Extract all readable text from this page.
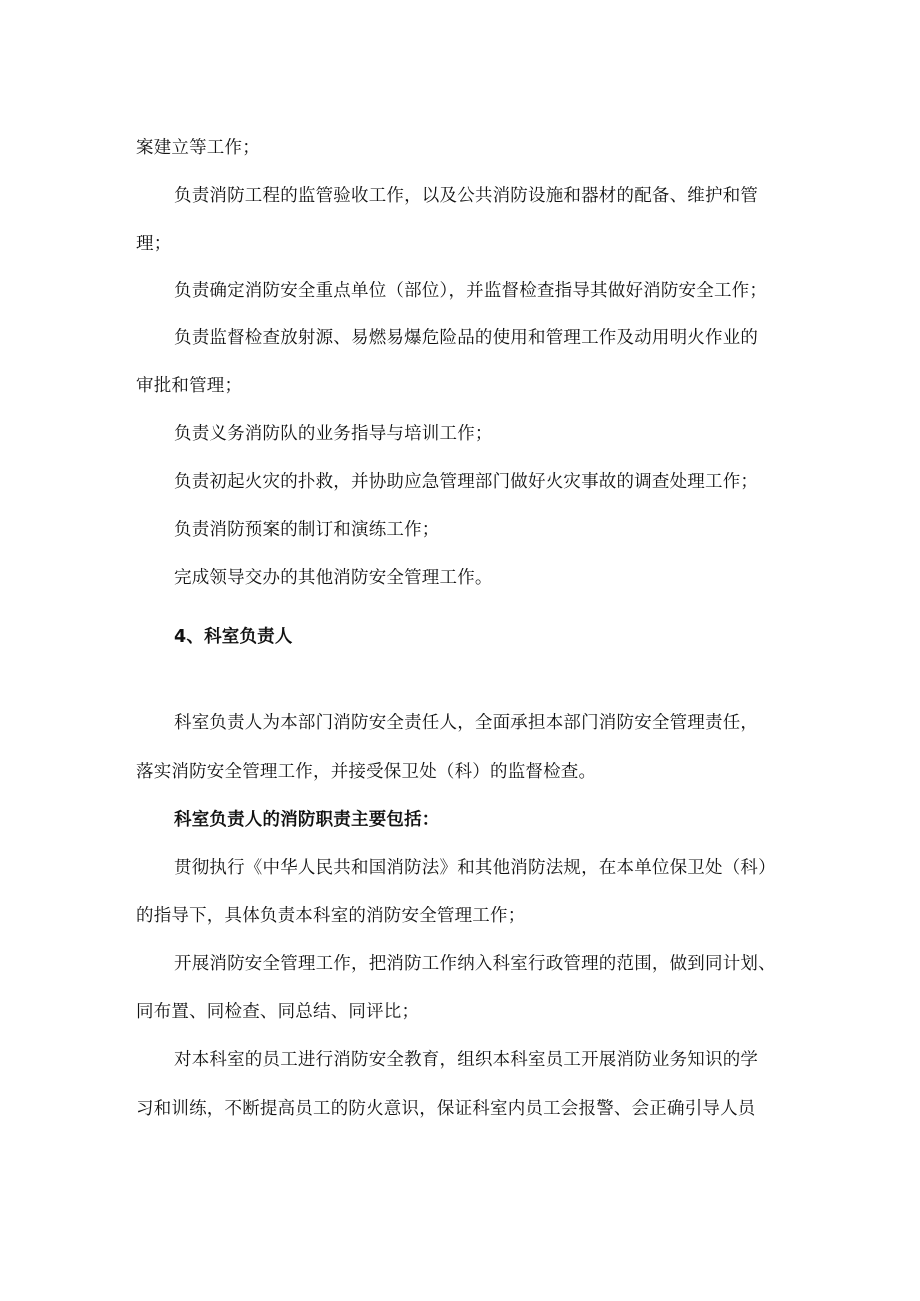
案建立等工作；
负责消防工程的监管验收工作，以及公共消防设施和器材的配备、维护和管
理；
负责确定消防安全重点单位（部位），并监督检查指导其做好消防安全工作；
负责监督检查放射源、易燃易爆危险品的使用和管理工作及动用明火作业的
审批和管理；
负责义务消防队的业务指导与培训工作；
负责初起火灾的扑救，并协助应急管理部门做好火灾事故的调查处理工作；
负责消防预案的制订和演练工作；
完成领导交办的其他消防安全管理工作。
4、科室负责人
科室负责人为本部门消防安全责任人，全面承担本部门消防安全管理责任，
落实消防安全管理工作，并接受保卫处（科）的监督检查。
科室负责人的消防职责主要包括：
贯彻执行《中华人民共和国消防法》和其他消防法规，在本单位保卫处（科）
的指导下，具体负责本科室的消防安全管理工作；
开展消防安全管理工作，把消防工作纳入科室行政管理的范围，做到同计划、
同布置、同检查、同总结、同评比；
对本科室的员工进行消防安全教育，组织本科室员工开展消防业务知识的学
习和训练，不断提高员工的防火意识，保证科室内员工会报警、会正确引导人员
